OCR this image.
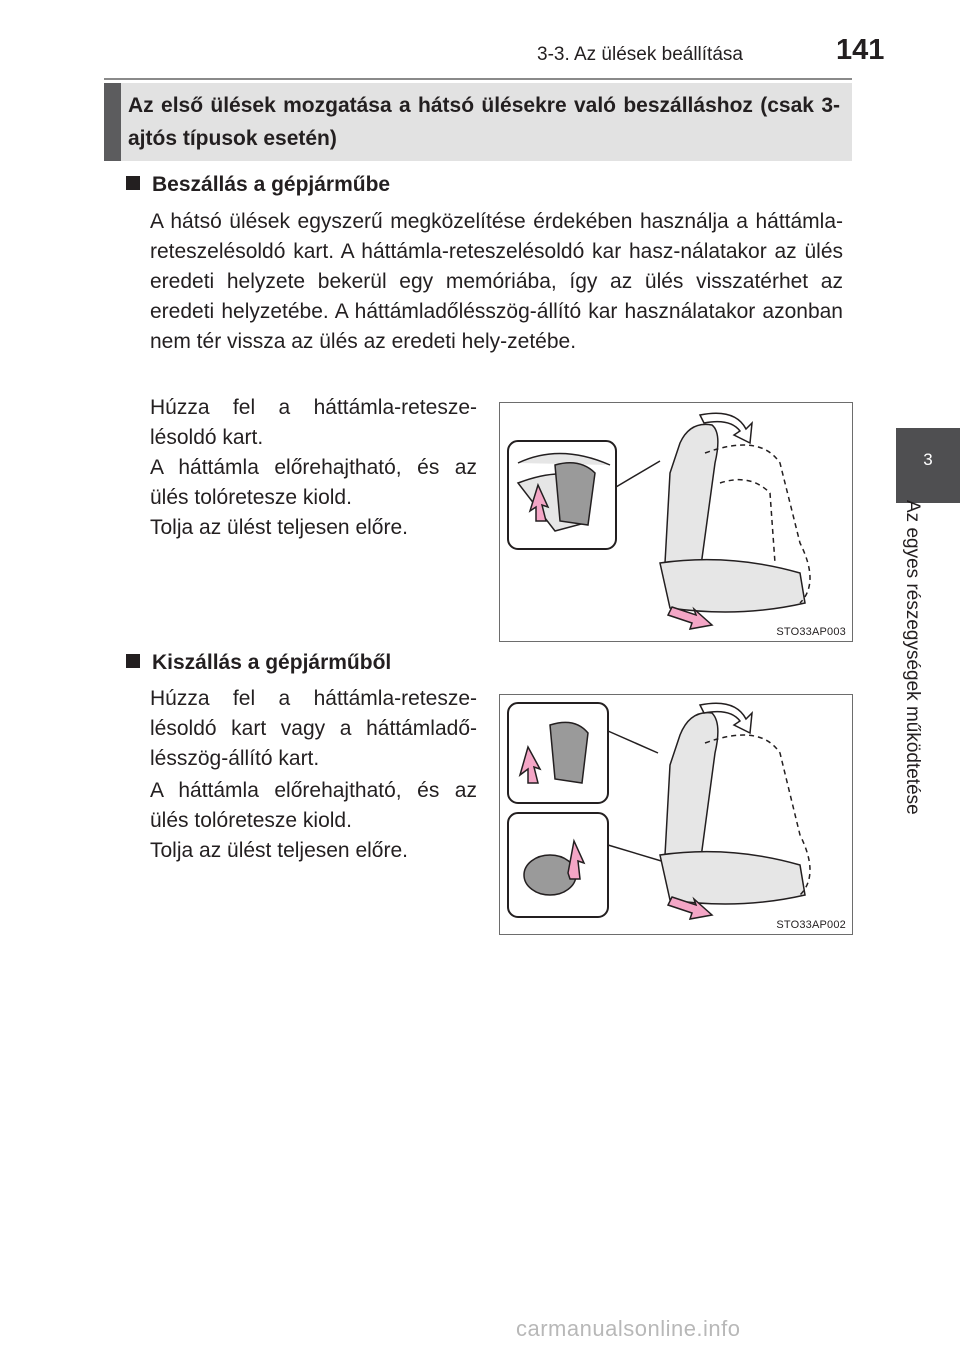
3-3. Az ülések beállítása	141
3
Az egyes részegységek működtetése
Az első ülések mozgatása a hátsó ülésekre való beszálláshoz (csak 3-ajtós típusok esetén)
Beszállás a gépjárműbe
A hátsó ülések egyszerű megközelítése érdekében használja a háttámla-reteszelésoldó kart. A háttámla-reteszelésoldó kar hasz-nálatakor az ülés eredeti helyzete bekerül egy memóriába, így az ülés visszatérhet az eredeti helyzetébe. A háttámladőlésszög-állító kar használatakor azonban nem tér vissza az ülés az eredeti hely-zetébe.
Húzza fel a háttámla-retesze-lésoldó kart.
A háttámla előrehajtható, és az ülés tolóretesze kiold.
Tolja az ülést teljesen előre.
STO33AP003
Kiszállás a gépjárműből
Húzza fel a háttámla-retesze-lésoldó kart vagy a háttámladő-lésszög-állító kart.
A háttámla előrehajtható, és az ülés tolóretesze kiold.
Tolja az ülést teljesen előre.
STO33AP002
carmanualsonline.info
